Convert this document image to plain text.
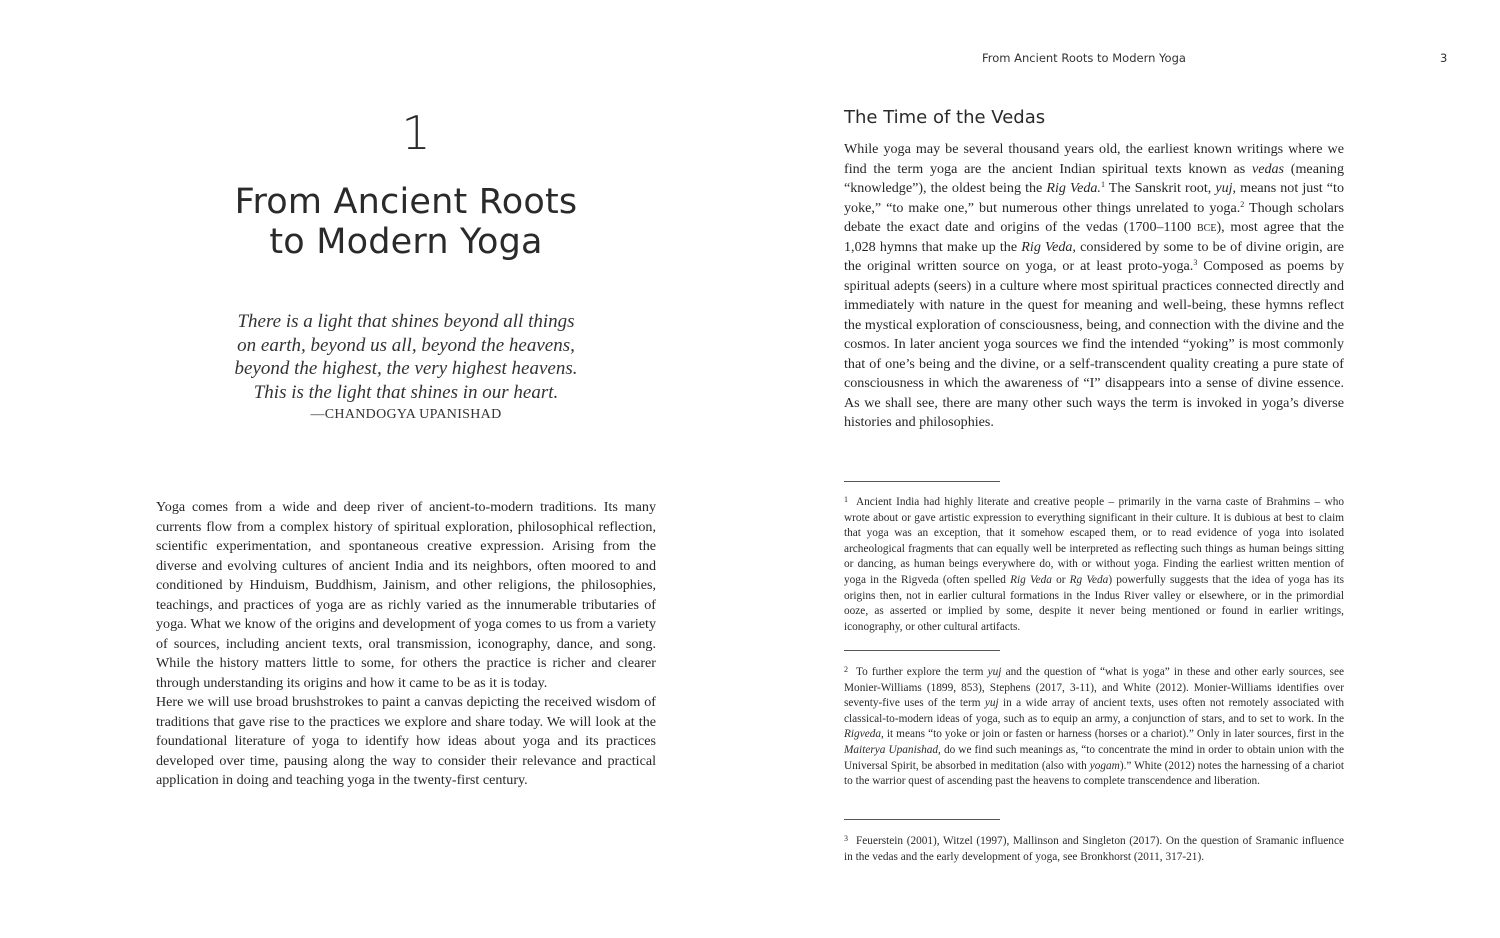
1
From Ancient Roots
to Modern Yoga
There is a light that shines beyond all things
on earth, beyond us all, beyond the heavens,
beyond the highest, the very highest heavens.
This is the light that shines in our heart.
—CHANDOGYA UPANISHAD

Yoga comes from a wide and deep river of ancient-to-modern traditions. Its many currents flow from a complex history of spiritual exploration, philosophical reflection, scientific experimentation, and spontaneous creative expression. Arising from the diverse and evolving cultures of ancient India and its neighbors, often moored to and conditioned by Hinduism, Buddhism, Jainism, and other religions, the philosophies, teachings, and practices of yoga are as richly varied as the innumerable tributaries of yoga. What we know of the origins and development of yoga comes to us from a variety of sources, including ancient texts, oral transmission, iconography, dance, and song. While the history matters little to some, for others the practice is richer and clearer through understanding its origins and how it came to be as it is today.

Here we will use broad brushstrokes to paint a canvas depicting the received wisdom of traditions that gave rise to the practices we explore and share today. We will look at the foundational literature of yoga to identify how ideas about yoga and its practices developed over time, pausing along the way to consider their relevance and practical application in doing and teaching yoga in the twenty-first century.

From Ancient Roots to Modern Yoga	3
The Time of the Vedas

While yoga may be several thousand years old, the earliest known writings where we find the term yoga are the ancient Indian spiritual texts known as vedas (meaning “knowledge”), the oldest being the Rig Veda.$^1$ The Sanskrit root, yuj, means not just “to yoke,” “to make one,” but numerous other things unrelated to yoga.$^2$ Though scholars debate the exact date and origins of the vedas (1700–1100 bce), most agree that the 1,028 hymns that make up the Rig Veda, considered by some to be of divine origin, are the original written source on yoga, or at least proto-yoga.$^3$ Composed as poems by spiritual adepts (seers) in a culture where most spiritual practices connected directly and immediately with nature in the quest for meaning and well-being, these hymns reflect the mystical exploration of consciousness, being, and connection with the divine and the cosmos. In later ancient yoga sources we find the intended “yoking” is most commonly that of one’s being and the divine, or a self-transcendent quality creating a pure state of consciousness in which the awareness of “I” disappears into a sense of divine essence. As we shall see, there are many other such ways the term is invoked in yoga’s diverse histories and philosophies.

$^1$ Ancient India had highly literate and creative people – primarily in the varna caste of Brahmins – who wrote about or gave artistic expression to everything significant in their culture. It is dubious at best to claim that yoga was an exception, that it somehow escaped them, or to read evidence of yoga into isolated archeological fragments that can equally well be interpreted as reflecting such things as human beings sitting or dancing, as human beings everywhere do, with or without yoga. Finding the earliest written mention of yoga in the Rigveda (often spelled Rig Veda or Rg Veda) powerfully suggests that the idea of yoga has its origins then, not in earlier cultural formations in the Indus River valley or elsewhere, or in the primordial ooze, as asserted or implied by some, despite it never being mentioned or found in earlier writings, iconography, or other cultural artifacts.

$^2$ To further explore the term yuj and the question of “what is yoga” in these and other early sources, see Monier-Williams (1899, 853), Stephens (2017, 3-11), and White (2012). Monier-Williams identifies over seventy-five uses of the term yuj in a wide array of ancient texts, uses often not remotely associated with classical-to-modern ideas of yoga, such as to equip an army, a conjunction of stars, and to set to work. In the Rigveda, it means “to yoke or join or fasten or harness (horses or a chariot).” Only in later sources, first in the Maiterya Upanishad, do we find such meanings as, “to concentrate the mind in order to obtain union with the Universal Spirit, be absorbed in meditation (also with yogam).” White (2012) notes the harnessing of a chariot to the warrior quest of ascending past the heavens to complete transcendence and liberation.

$^3$ Feuerstein (2001), Witzel (1997), Mallinson and Singleton (2017). On the question of Sramanic influence in the vedas and the early development of yoga, see Bronkhorst (2011, 317-21).
